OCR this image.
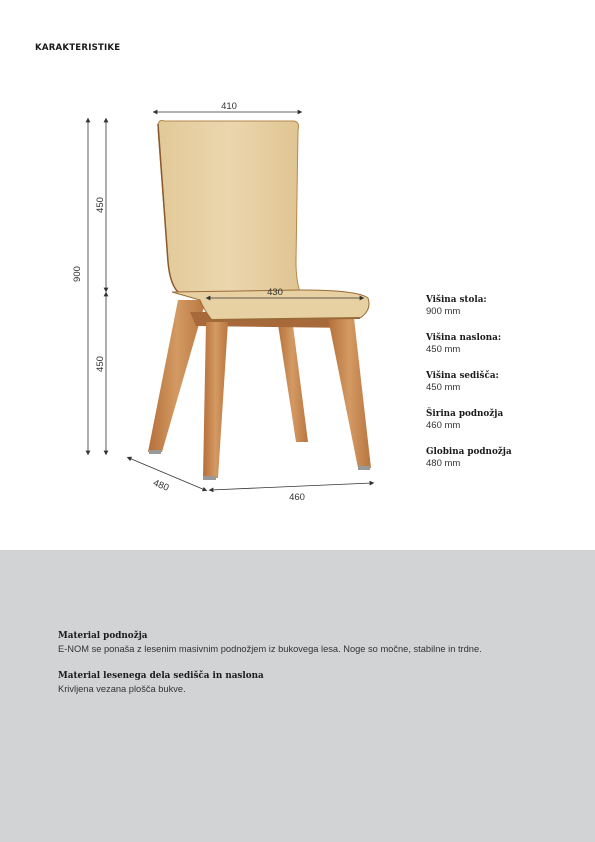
KARAKTERISTIKE
410
430
900
450
450
480
460
Višina stola:
900 mm
Višina naslona:
450 mm
Višina sedišča:
450 mm
Širina podnožja
460 mm
Globina podnožja
480 mm
Material podnožja
E-NOM se ponaša z lesenim masivnim podnožjem iz bukovega lesa. Noge so močne, stabilne in trdne.
Material lesenega dela sedišča in naslona
Krivljena vezana plošča bukve.
